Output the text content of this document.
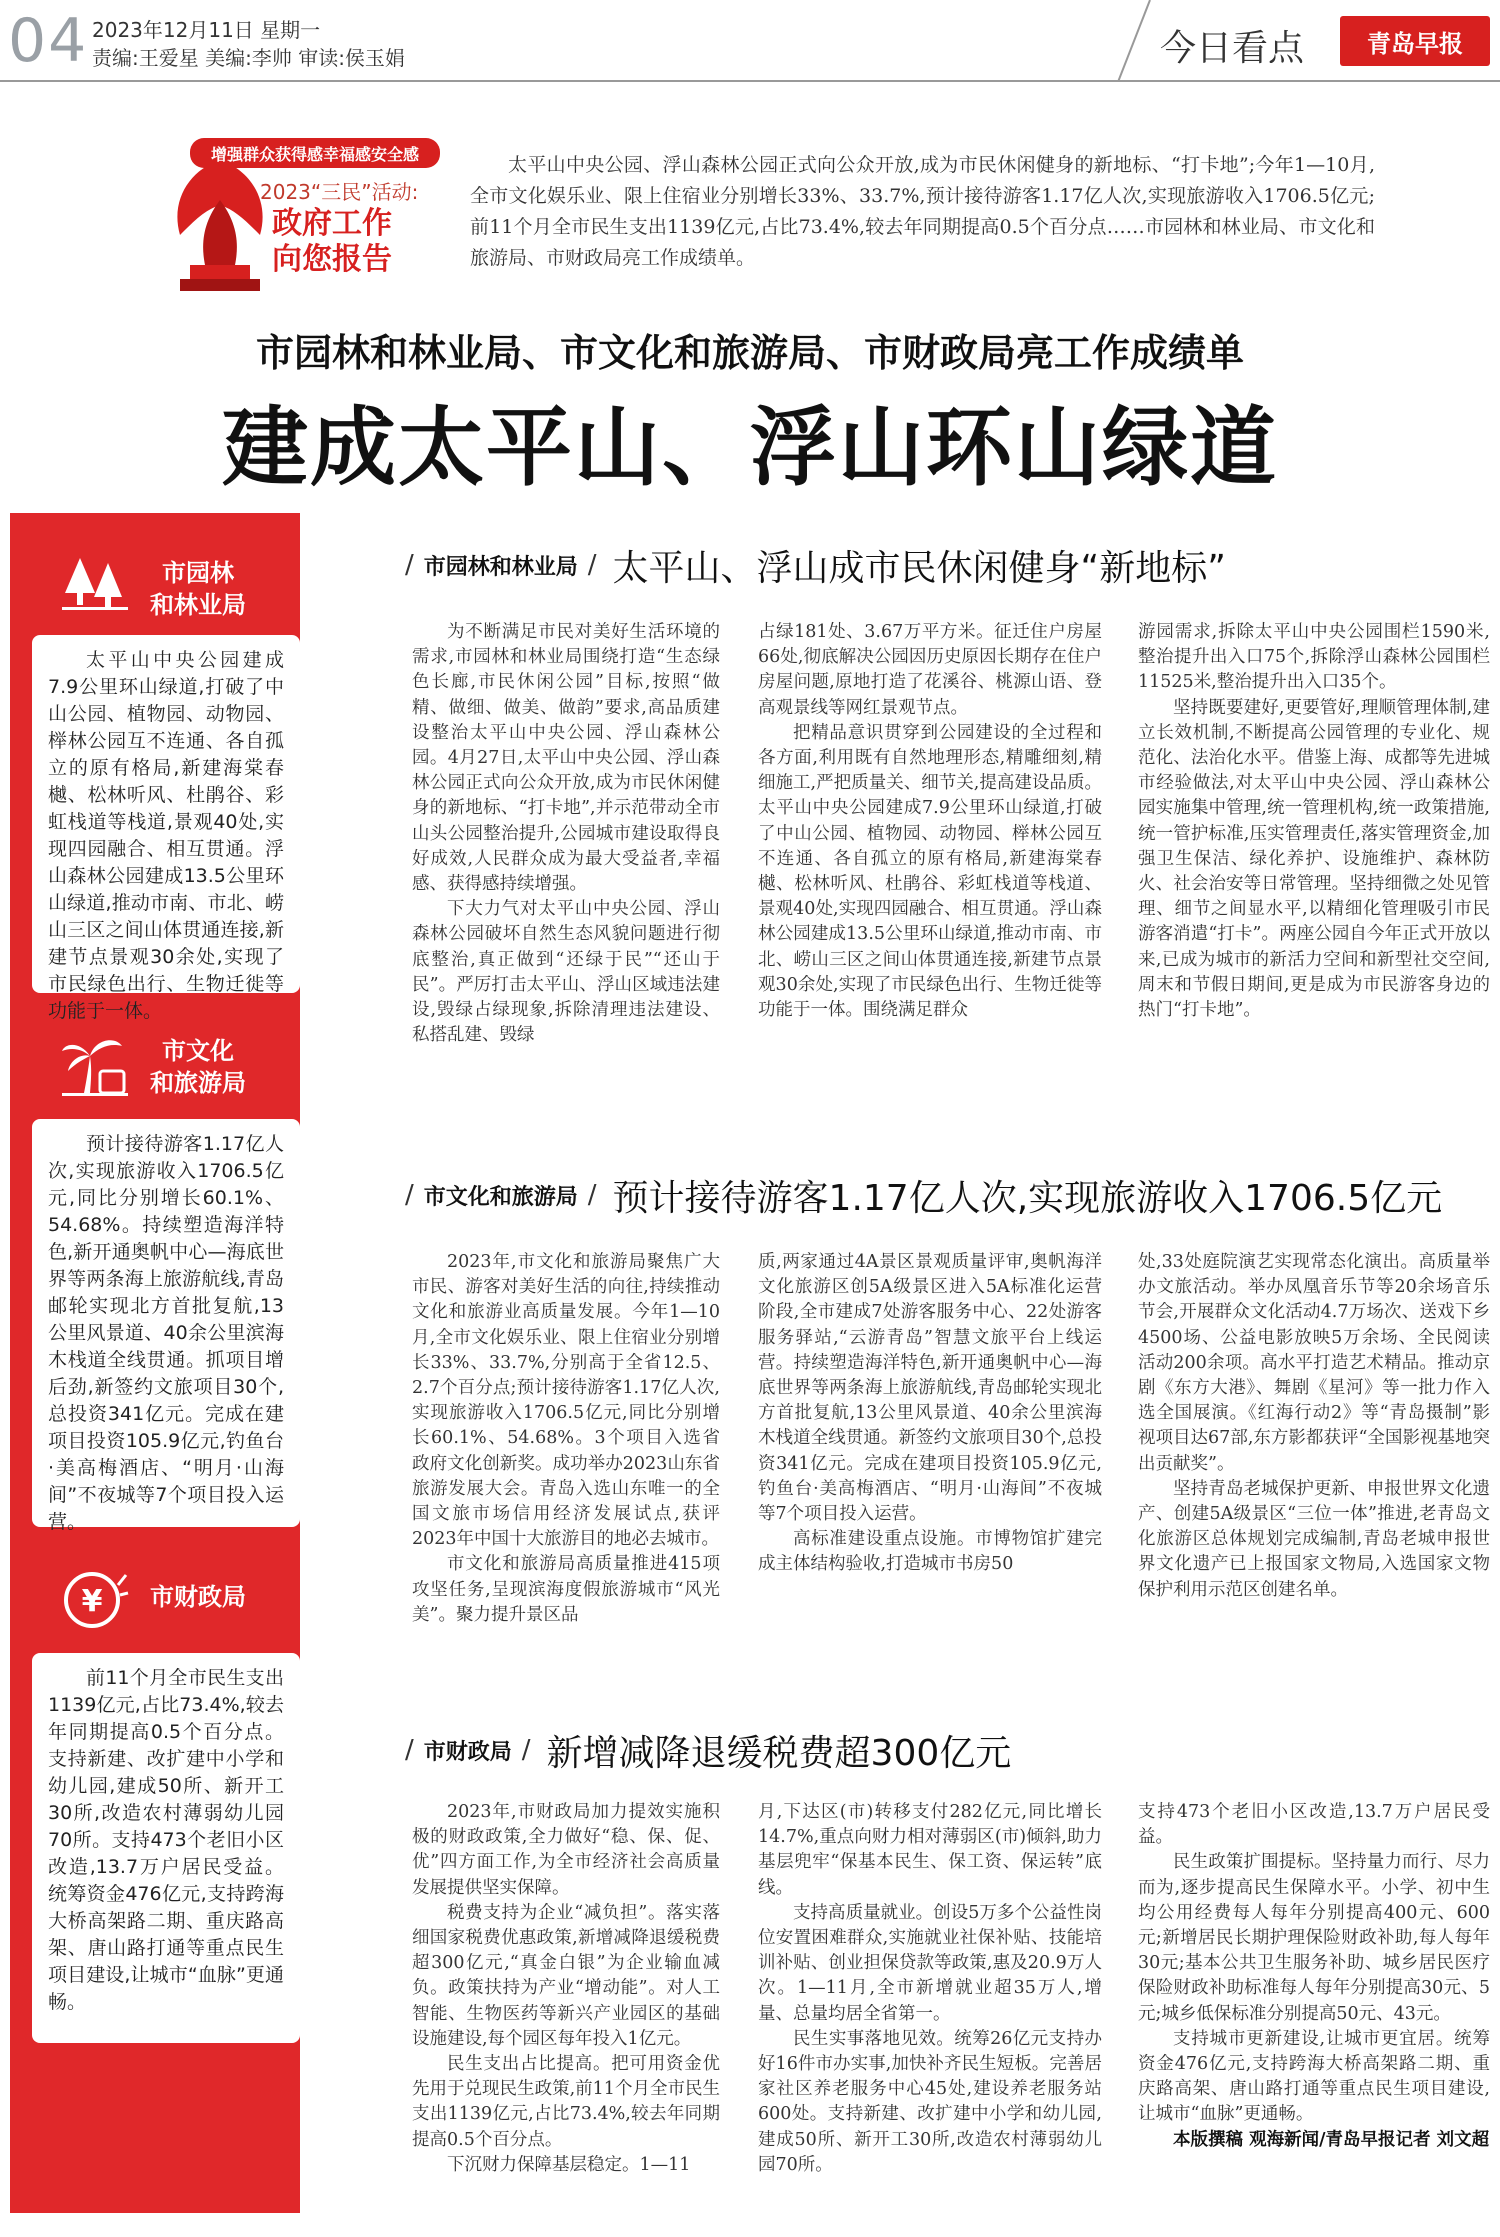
04 2023年12月11日 星期一
责编:王爱星 美编:李帅 审读:侯玉娟	今日看点	青岛早报
增强群众获得感幸福感安全感
2023“三民”活动:
政府工作
向您报告
太平山中央公园、浮山森林公园正式向公众开放,成为市民休闲健身的新地标、“打卡地”;今年1—10月,全市文化娱乐业、限上住宿业分别增长33%、33.7%,预计接待游客1.17亿人次,实现旅游收入1706.5亿元;前11个月全市民生支出1139亿元,占比73.4%,较去年同期提高0.5个百分点……市园林和林业局、市文化和旅游局、市财政局亮工作成绩单。
市园林和林业局、市文化和旅游局、市财政局亮工作成绩单
建成太平山、浮山环山绿道
市园林
和林业局
太平山中央公园建成7.9公里环山绿道,打破了中山公园、植物园、动物园、榉林公园互不连通、各自孤立的原有格局,新建海棠春樾、松林听风、杜鹃谷、彩虹栈道等栈道,景观40处,实现四园融合、相互贯通。浮山森林公园建成13.5公里环山绿道,推动市南、市北、崂山三区之间山体贯通连接,新建节点景观30余处,实现了市民绿色出行、生物迁徙等功能于一体。
市文化
和旅游局
预计接待游客1.17亿人次,实现旅游收入1706.5亿元,同比分别增长60.1%、54.68%。持续塑造海洋特色,新开通奥帆中心—海底世界等两条海上旅游航线,青岛邮轮实现北方首批复航,13公里风景道、40余公里滨海木栈道全线贯通。抓项目增后劲,新签约文旅项目30个,总投资341亿元。完成在建项目投资105.9亿元,钓鱼台·美高梅酒店、“明月·山海间”不夜城等7个项目投入运营。
¥ 市财政局
前11个月全市民生支出1139亿元,占比73.4%,较去年同期提高0.5个百分点。支持新建、改扩建中小学和幼儿园,建成50所、新开工30所,改造农村薄弱幼儿园70所。支持473个老旧小区改造,13.7万户居民受益。统筹资金476亿元,支持跨海大桥高架路二期、重庆路高架、唐山路打通等重点民生项目建设,让城市“血脉”更通畅。
/ 市园林和林业局 / 太平山、浮山成市民休闲健身“新地标”

为不断满足市民对美好生活环境的需求,市园林和林业局围绕打造“生态绿色长廊,市民休闲公园”目标,按照“做精、做细、做美、做韵”要求,高品质建设整治太平山中央公园、浮山森林公园。4月27日,太平山中央公园、浮山森林公园正式向公众开放,成为市民休闲健身的新地标、“打卡地”,并示范带动全市山头公园整治提升,公园城市建设取得良好成效,人民群众成为最大受益者,幸福感、获得感持续增强。

下大力气对太平山中央公园、浮山森林公园破坏自然生态风貌问题进行彻底整治,真正做到“还绿于民”“还山于民”。严厉打击太平山、浮山区域违法建设,毁绿占绿现象,拆除清理违法建设、私搭乱建、毁绿

占绿181处、3.67万平方米。征迁住户房屋66处,彻底解决公园因历史原因长期存在住户房屋问题,原地打造了花溪谷、桃源山语、登高观景线等网红景观节点。

把精品意识贯穿到公园建设的全过程和各方面,利用既有自然地理形态,精雕细刻,精细施工,严把质量关、细节关,提高建设品质。太平山中央公园建成7.9公里环山绿道,打破了中山公园、植物园、动物园、榉林公园互不连通、各自孤立的原有格局,新建海棠春樾、松林听风、杜鹃谷、彩虹栈道等栈道、景观40处,实现四园融合、相互贯通。浮山森林公园建成13.5公里环山绿道,推动市南、市北、崂山三区之间山体贯通连接,新建节点景观30余处,实现了市民绿色出行、生物迁徙等功能于一体。围绕满足群众

游园需求,拆除太平山中央公园围栏1590米,整治提升出入口75个,拆除浮山森林公园围栏11525米,整治提升出入口35个。

坚持既要建好,更要管好,理顺管理体制,建立长效机制,不断提高公园管理的专业化、规范化、法治化水平。借鉴上海、成都等先进城市经验做法,对太平山中央公园、浮山森林公园实施集中管理,统一管理机构,统一政策措施,统一管护标准,压实管理责任,落实管理资金,加强卫生保洁、绿化养护、设施维护、森林防火、社会治安等日常管理。坚持细微之处见管理、细节之间显水平,以精细化管理吸引市民游客消遣“打卡”。两座公园自今年正式开放以来,已成为城市的新活力空间和新型社交空间,周末和节假日期间,更是成为市民游客身边的热门“打卡地”。

/ 市文化和旅游局 / 预计接待游客1.17亿人次,实现旅游收入1706.5亿元

2023年,市文化和旅游局聚焦广大市民、游客对美好生活的向往,持续推动文化和旅游业高质量发展。今年1—10月,全市文化娱乐业、限上住宿业分别增长33%、33.7%,分别高于全省12.5、2.7个百分点;预计接待游客1.17亿人次,实现旅游收入1706.5亿元,同比分别增长60.1%、54.68%。3个项目入选省政府文化创新奖。成功举办2023山东省旅游发展大会。青岛入选山东唯一的全国文旅市场信用经济发展试点,获评2023年中国十大旅游目的地必去城市。

市文化和旅游局高质量推进415项攻坚任务,呈现滨海度假旅游城市“风光美”。聚力提升景区品

质,两家通过4A景区景观质量评审,奥帆海洋文化旅游区创5A级景区进入5A标准化运营阶段,全市建成7处游客服务中心、22处游客服务驿站,“云游青岛”智慧文旅平台上线运营。持续塑造海洋特色,新开通奥帆中心—海底世界等两条海上旅游航线,青岛邮轮实现北方首批复航,13公里风景道、40余公里滨海木栈道全线贯通。新签约文旅项目30个,总投资341亿元。完成在建项目投资105.9亿元,钓鱼台·美高梅酒店、“明月·山海间”不夜城等7个项目投入运营。

高标准建设重点设施。市博物馆扩建完成主体结构验收,打造城市书房50

处,33处庭院演艺实现常态化演出。高质量举办文旅活动。举办凤凰音乐节等20余场音乐节会,开展群众文化活动4.7万场次、送戏下乡4500场、公益电影放映5万余场、全民阅读活动200余项。高水平打造艺术精品。推动京剧《东方大港》、舞剧《星河》等一批力作入选全国展演。《红海行动2》等“青岛摄制”影视项目达67部,东方影都获评“全国影视基地突出贡献奖”。

坚持青岛老城保护更新、申报世界文化遗产、创建5A级景区“三位一体”推进,老青岛文化旅游区总体规划完成编制,青岛老城申报世界文化遗产已上报国家文物局,入选国家文物保护利用示范区创建名单。

/ 市财政局 / 新增减降退缓税费超300亿元

2023年,市财政局加力提效实施积极的财政政策,全力做好“稳、保、促、优”四方面工作,为全市经济社会高质量发展提供坚实保障。

税费支持为企业“减负担”。落实落细国家税费优惠政策,新增减降退缓税费超300亿元,“真金白银”为企业输血减负。政策扶持为产业“增动能”。对人工智能、生物医药等新兴产业园区的基础设施建设,每个园区每年投入1亿元。

民生支出占比提高。把可用资金优先用于兑现民生政策,前11个月全市民生支出1139亿元,占比73.4%,较去年同期提高0.5个百分点。

下沉财力保障基层稳定。1—11

月,下达区(市)转移支付282亿元,同比增长14.7%,重点向财力相对薄弱区(市)倾斜,助力基层兜牢“保基本民生、保工资、保运转”底线。

支持高质量就业。创设5万多个公益性岗位安置困难群众,实施就业社保补贴、技能培训补贴、创业担保贷款等政策,惠及20.9万人次。1—11月,全市新增就业超35万人,增量、总量均居全省第一。

民生实事落地见效。统筹26亿元支持办好16件市办实事,加快补齐民生短板。完善居家社区养老服务中心45处,建设养老服务站600处。支持新建、改扩建中小学和幼儿园,建成50所、新开工30所,改造农村薄弱幼儿园70所。

支持473个老旧小区改造,13.7万户居民受益。

民生政策扩围提标。坚持量力而行、尽力而为,逐步提高民生保障水平。小学、初中生均公用经费每人每年分别提高400元、600元;新增居民长期护理保险财政补助,每人每年30元;基本公共卫生服务补助、城乡居民医疗保险财政补助标准每人每年分别提高30元、5元;城乡低保标准分别提高50元、43元。

支持城市更新建设,让城市更宜居。统筹资金476亿元,支持跨海大桥高架路二期、重庆路高架、唐山路打通等重点民生项目建设,让城市“血脉”更通畅。

本版撰稿 观海新闻/青岛早报记者 刘文超
